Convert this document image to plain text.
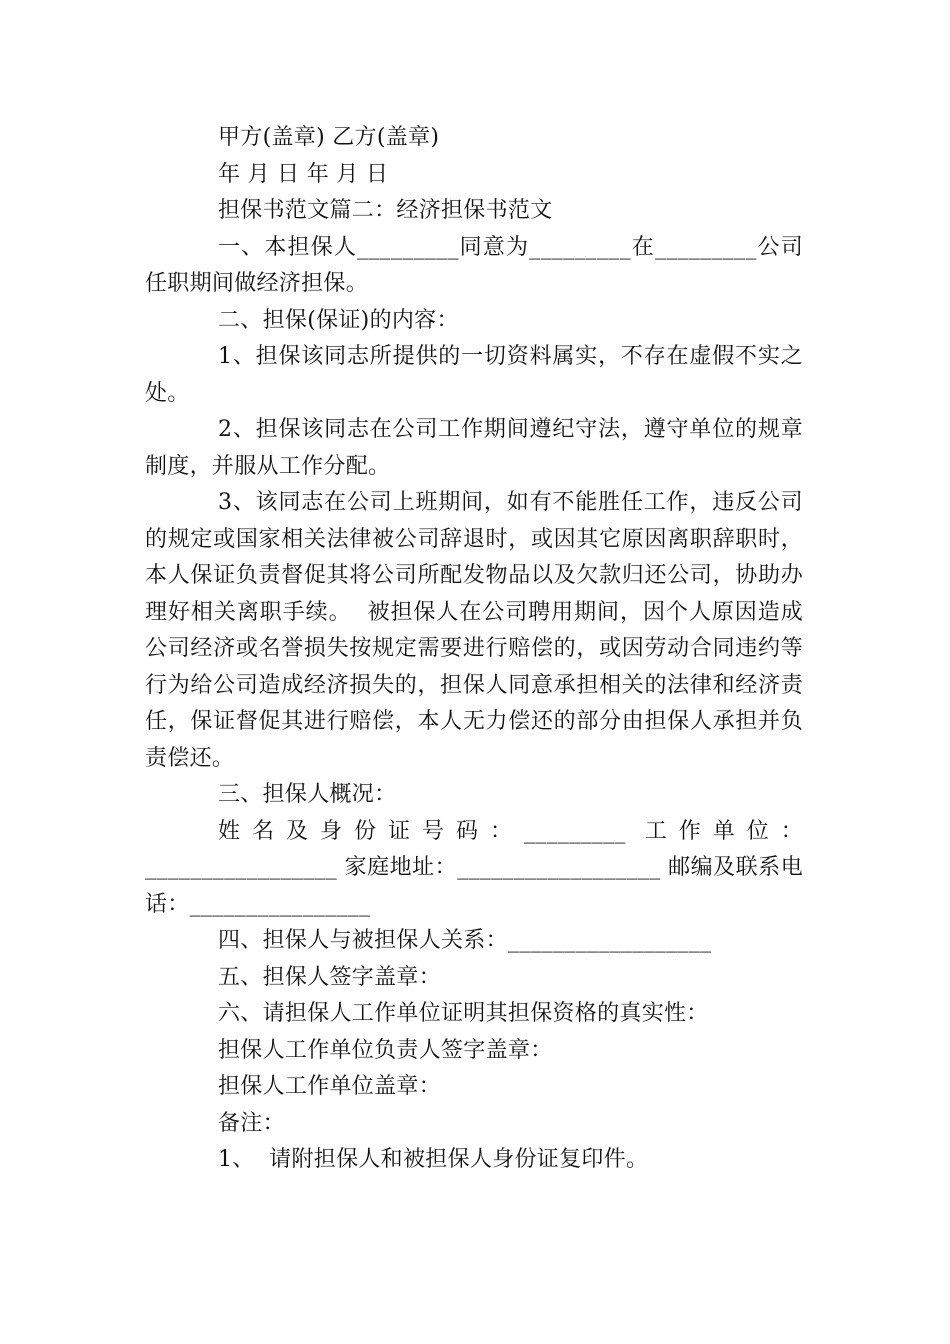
甲方(盖章) 乙方(盖章)

年 月 日 年 月 日

担保书范文篇二：经济担保书范文

一、本担保人_________同意为_________在_________公司任职期间做经济担保。

二、担保(保证)的内容：

1、担保该同志所提供的一切资料属实，不存在虚假不实之处。

2、担保该同志在公司工作期间遵纪守法，遵守单位的规章制度，并服从工作分配。

3、该同志在公司上班期间，如有不能胜任工作，违反公司的规定或国家相关法律被公司辞退时，或因其它原因离职辞职时，本人保证负责督促其将公司所配发物品以及欠款归还公司，协助办理好相关离职手续。  被担保人在公司聘用期间，因个人原因造成公司经济或名誉损失按规定需要进行赔偿的，或因劳动合同违约等行为给公司造成经济损失的，担保人同意承担相关的法律和经济责任，保证督促其进行赔偿，本人无力偿还的部分由担保人承担并负责偿还。

三、担保人概况：

姓名及身份证号码：_________ 工作单位：_________________ 家庭地址：__________________ 邮编及联系电话：________________

四、担保人与被担保人关系：__________________

五、担保人签字盖章：

六、请担保人工作单位证明其担保资格的真实性：

担保人工作单位负责人签字盖章：

担保人工作单位盖章：

备注：

1、  请附担保人和被担保人身份证复印件。
